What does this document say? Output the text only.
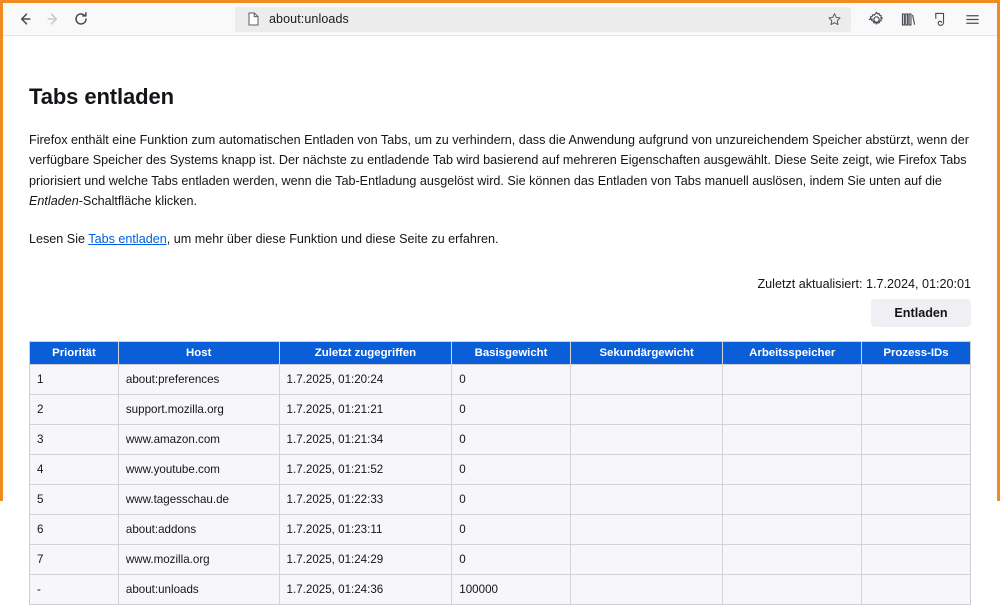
about:unloads
Tabs entladen

Firefox enthält eine Funktion zum automatischen Entladen von Tabs, um zu verhindern, dass die Anwendung aufgrund von unzureichendem Speicher abstürzt, wenn der verfügbare Speicher des Systems knapp ist. Der nächste zu entladende Tab wird basierend auf mehreren Eigenschaften ausgewählt. Diese Seite zeigt, wie Firefox Tabs priorisiert und welche Tabs entladen werden, wenn die Tab-Entladung ausgelöst wird. Sie können das Entladen von Tabs manuell auslösen, indem Sie unten auf die Entladen-Schaltfläche klicken.

Lesen Sie Tabs entladen, um mehr über diese Funktion und diese Seite zu erfahren.

Zuletzt aktualisiert: 1.7.2024, 01:20:01
Entladen
Priorität	Host	Zuletzt zugegriffen	Basisgewicht	Sekundärgewicht	Arbeitsspeicher	Prozess-IDs
1	about:preferences	1.7.2025, 01:20:24	0			
2	support.mozilla.org	1.7.2025, 01:21:21	0			
3	www.amazon.com	1.7.2025, 01:21:34	0			
4	www.youtube.com	1.7.2025, 01:21:52	0			
5	www.tagesschau.de	1.7.2025, 01:22:33	0			
6	about:addons	1.7.2025, 01:23:11	0			
7	www.mozilla.org	1.7.2025, 01:24:29	0			
-	about:unloads	1.7.2025, 01:24:36	100000			
